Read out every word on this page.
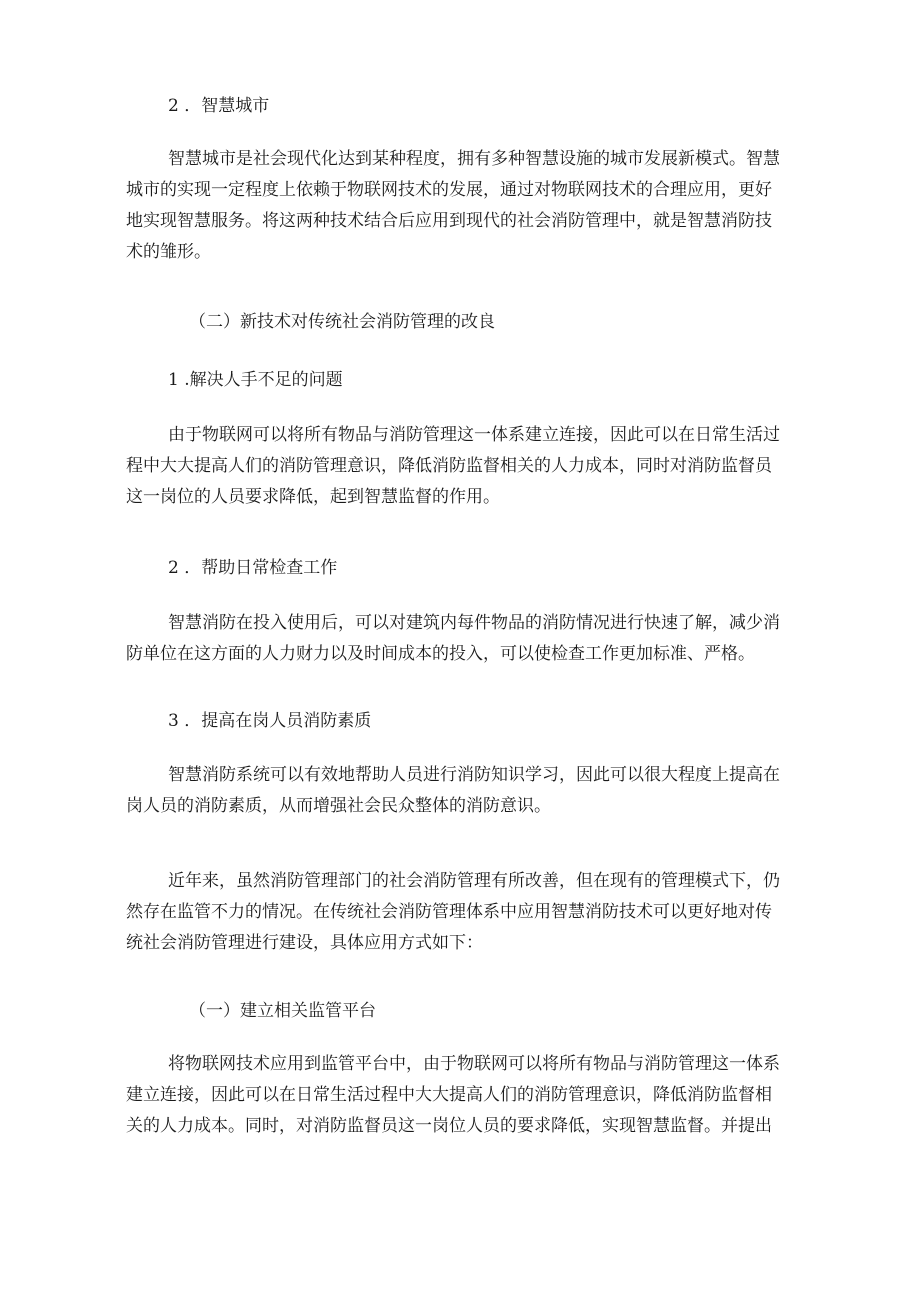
2 ．智慧城市

智慧城市是社会现代化达到某种程度，拥有多种智慧设施的城市发展新模式。智慧
城市的实现一定程度上依赖于物联网技术的发展，通过对物联网技术的合理应用，更好
地实现智慧服务。将这两种技术结合后应用到现代的社会消防管理中，就是智慧消防技
术的雏形。

（二）新技术对传统社会消防管理的改良

1 .解决人手不足的问题

由于物联网可以将所有物品与消防管理这一体系建立连接，因此可以在日常生活过
程中大大提高人们的消防管理意识，降低消防监督相关的人力成本，同时对消防监督员
这一岗位的人员要求降低，起到智慧监督的作用。

2 ．帮助日常检查工作

智慧消防在投入使用后，可以对建筑内每件物品的消防情况进行快速了解，减少消
防单位在这方面的人力财力以及时间成本的投入，可以使检查工作更加标准、严格。

3 ．提高在岗人员消防素质

智慧消防系统可以有效地帮助人员进行消防知识学习，因此可以很大程度上提高在
岗人员的消防素质，从而增强社会民众整体的消防意识。
近年来，虽然消防管理部门的社会消防管理有所改善，但在现有的管理模式下，仍
然存在监管不力的情况。在传统社会消防管理体系中应用智慧消防技术可以更好地对传
统社会消防管理进行建设，具体应用方式如下：

（一）建立相关监管平台

将物联网技术应用到监管平台中，由于物联网可以将所有物品与消防管理这一体系
建立连接，因此可以在日常生活过程中大大提高人们的消防管理意识，降低消防监督相
关的人力成本。同时，对消防监督员这一岗位人员的要求降低，实现智慧监督。并提出
